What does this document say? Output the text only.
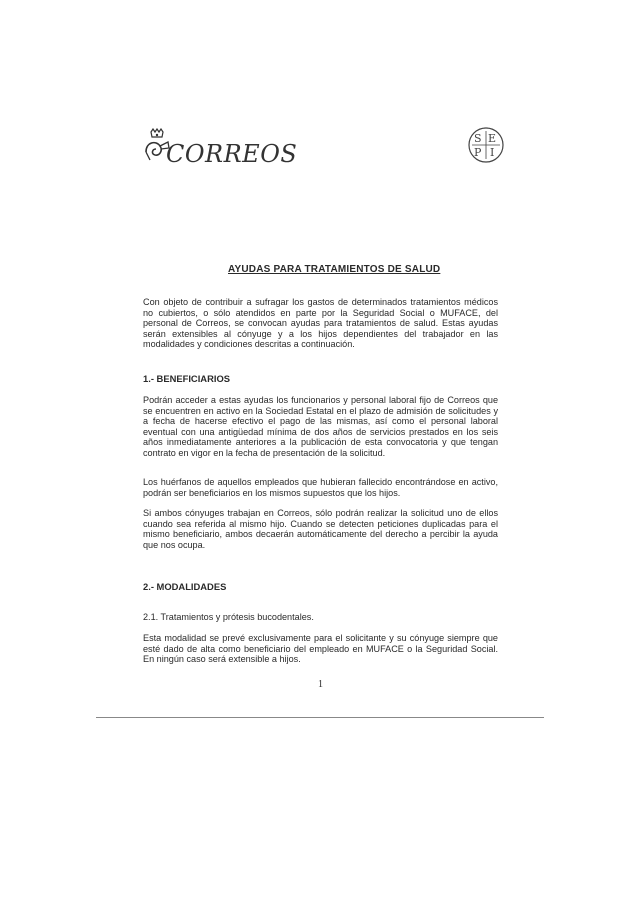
CORREOS
S E
P I
AYUDAS PARA TRATAMIENTOS DE SALUD

Con objeto de contribuir a sufragar los gastos de determinados tratamientos médicos no cubiertos, o sólo atendidos en parte por la Seguridad Social o MUFACE, del personal de Correos, se convocan ayudas para tratamientos de salud. Estas ayudas serán extensibles al cónyuge y a los hijos dependientes del trabajador en las modalidades y condiciones descritas a continuación.

1.- BENEFICIARIOS

Podrán acceder a estas ayudas los funcionarios y personal laboral fijo de Correos que se encuentren en activo en la Sociedad Estatal en el plazo de admisión de solicitudes y a fecha de hacerse efectivo el pago de las mismas, así como el personal laboral eventual con una antigüedad mínima de dos años de servicios prestados en los seis años inmediatamente anteriores a la publicación de esta convocatoria y que tengan contrato en vigor en la fecha de presentación de la solicitud.

Los huérfanos de aquellos empleados que hubieran fallecido encontrándose en activo, podrán ser beneficiarios en los mismos supuestos que los hijos.

Si ambos cónyuges trabajan en Correos, sólo podrán realizar la solicitud uno de ellos cuando sea referida al mismo hijo. Cuando se detecten peticiones duplicadas para el mismo beneficiario, ambos decaerán automáticamente del derecho a percibir la ayuda que nos ocupa.

2.- MODALIDADES

2.1. Tratamientos y prótesis bucodentales.

Esta modalidad se prevé exclusivamente para el solicitante y su cónyuge siempre que esté dado de alta como beneficiario del empleado en MUFACE o la Seguridad Social. En ningún caso será extensible a hijos.

1
